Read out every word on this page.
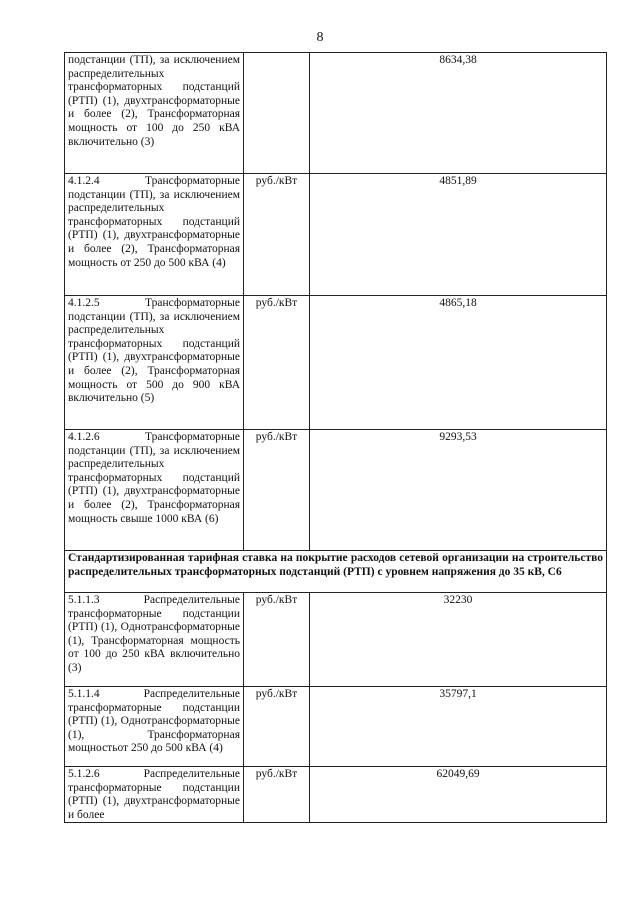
8
подстанции (ТП), за исключением распределительных трансформаторных подстанций (РТП) (1), двухтрансформаторные и более (2), Трансформаторная мощность от 100 до 250 кВА включительно (3)		8634,38
4.1.2.4 Трансформаторные подстанции (ТП), за исключением распределительных трансформаторных подстанций (РТП) (1), двухтрансформаторные и более (2), Трансформаторная мощность от 250 до 500 кВА (4)	руб./кВт	4851,89
4.1.2.5 Трансформаторные подстанции (ТП), за исключением распределительных трансформаторных подстанций (РТП) (1), двухтрансформаторные и более (2), Трансформаторная мощность от 500 до 900 кВА включительно (5)	руб./кВт	4865,18
4.1.2.6 Трансформаторные подстанции (ТП), за исключением распределительных трансформаторных подстанций (РТП) (1), двухтрансформаторные и более (2), Трансформаторная мощность свыше 1000 кВА (6)	руб./кВт	9293,53
Стандартизированная тарифная ставка на покрытие расходов сетевой организации на строительство распределительных трансформаторных подстанций (РТП) с уровнем напряжения до 35 кВ, С6		
5.1.1.3 Распределительные трансформаторные подстанции (РТП) (1), Однотрансформаторные (1), Трансформаторная мощность от 100 до 250 кВА включительно (3)	руб./кВт	32230
5.1.1.4 Распределительные трансформаторные подстанции (РТП) (1), Однотрансформаторные (1), Трансформаторная мощностьот 250 до 500 кВА (4)	руб./кВт	35797,1
5.1.2.6 Распределительные трансформаторные подстанции (РТП) (1), двухтрансформаторные и более	руб./кВт	62049,69
